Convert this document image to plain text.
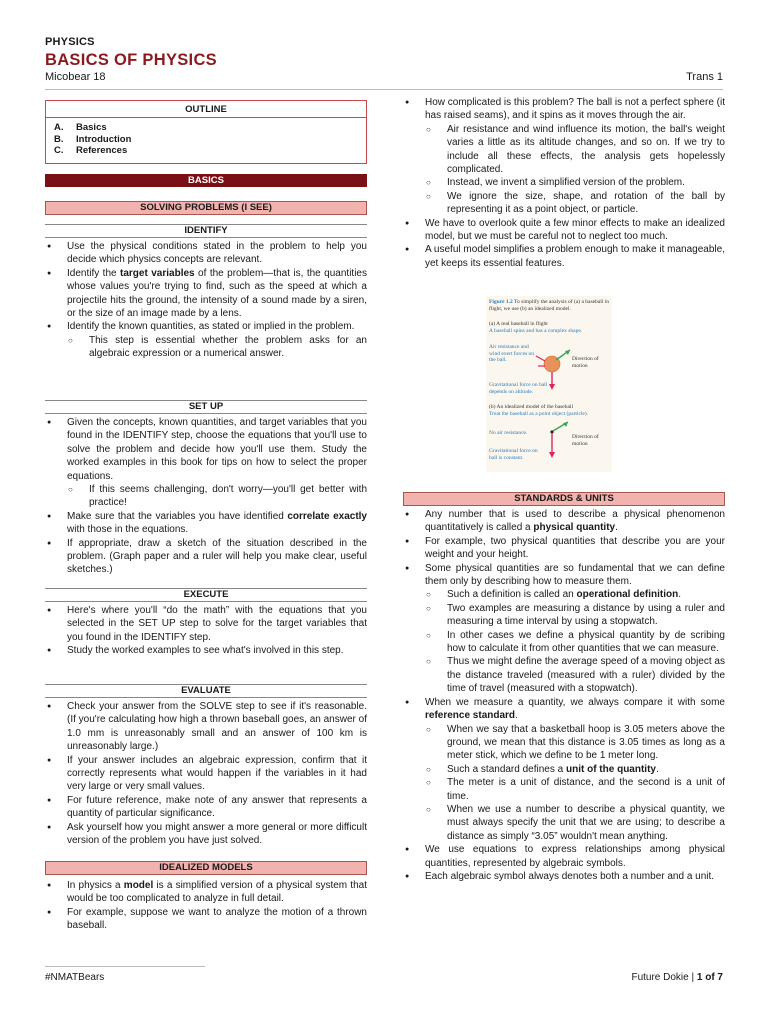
PHYSICS
BASICS OF PHYSICS
Micobear 18	Trans 1
OUTLINE
A. Basics
B. Introduction
C. References
BASICS
SOLVING PROBLEMS (I SEE)
IDENTIFY
● Use the physical conditions stated in the problem to help you decide which physics concepts are relevant.
● Identify the target variables of the problem—that is, the quantities whose values you're trying to find, such as the speed at which a projectile hits the ground, the intensity of a sound made by a siren, or the size of an image made by a lens.
● Identify the known quantities, as stated or implied in the problem.
○ This step is essential whether the problem asks for an algebraic expression or a numerical answer.
SET UP
● Given the concepts, known quantities, and target variables that you found in the IDENTIFY step, choose the equations that you'll use to solve the problem and decide how you'll use them. Study the worked examples in this book for tips on how to select the proper equations.
○ If this seems challenging, don't worry—you'll get better with practice!
● Make sure that the variables you have identified correlate exactly with those in the equations.
● If appropriate, draw a sketch of the situation described in the problem. (Graph paper and a ruler will help you make clear, useful sketches.)
EXECUTE
● Here's where you'll “do the math” with the equations that you selected in the SET UP step to solve for the target variables that you found in the IDENTIFY step.
● Study the worked examples to see what's involved in this step.
EVALUATE
● Check your answer from the SOLVE step to see if it's reasonable. (If you're calculating how high a thrown baseball goes, an answer of 1.0 mm is unreasonably small and an answer of 100 km is unreasonably large.)
● If your answer includes an algebraic expression, confirm that it correctly represents what would happen if the variables in it had very large or very small values.
● For future reference, make note of any answer that represents a quantity of particular significance.
● Ask yourself how you might answer a more general or more difficult version of the problem you have just solved.
IDEALIZED MODELS
● In physics a model is a simplified version of a physical system that would be too complicated to analyze in full detail.
● For example, suppose we want to analyze the motion of a thrown baseball.
● How complicated is this problem? The ball is not a perfect sphere (it has raised seams), and it spins as it moves through the air.
○ Air resistance and wind influence its motion, the ball's weight varies a little as its altitude changes, and so on. If we try to include all these effects, the analysis gets hopelessly complicated.
○ Instead, we invent a simplified version of the problem.
○ We ignore the size, shape, and rotation of the ball by representing it as a point object, or particle.
● We have to overlook quite a few minor effects to make an idealized model, but we must be careful not to neglect too much.
● A useful model simplifies a problem enough to make it manageable, yet keeps its essential features.
STANDARDS & UNITS
● Any number that is used to describe a physical phenomenon quantitatively is called a physical quantity.
● For example, two physical quantities that describe you are your weight and your height.
● Some physical quantities are so fundamental that we can define them only by describing how to measure them.
○ Such a definition is called an operational definition.
○ Two examples are measuring a distance by using a ruler and measuring a time interval by using a stopwatch.
○ In other cases we define a physical quantity by de scribing how to calculate it from other quantities that we can measure.
○ Thus we might define the average speed of a moving object as the distance traveled (measured with a ruler) divided by the time of travel (measured with a stopwatch).
● When we measure a quantity, we always compare it with some reference standard.
○ When we say that a basketball hoop is 3.05 meters above the ground, we mean that this distance is 3.05 times as long as a meter stick, which we define to be 1 meter long.
○ Such a standard defines a unit of the quantity.
○ The meter is a unit of distance, and the second is a unit of time.
○ When we use a number to describe a physical quantity, we must always specify the unit that we are using; to describe a distance as simply “3.05” wouldn't mean anything.
● We use equations to express relationships among physical quantities, represented by algebraic symbols.
● Each algebraic symbol always denotes both a number and a unit.
Figure 1.2 To simplify the analysis of (a) a baseball in flight, we use (b) an idealized model.
(a) A real baseball in flight
A baseball spins and has a complex shape.
Air resistance and wind exert forces on the ball.	Direction of motion
Gravitational force on ball depends on altitude.
(b) An idealized model of the baseball
Treat the baseball as a point object (particle).
No air resistance.
Direction of motion
Gravitational force on ball is constant.
#NMATBears	Future Dokie | 1 of 7
